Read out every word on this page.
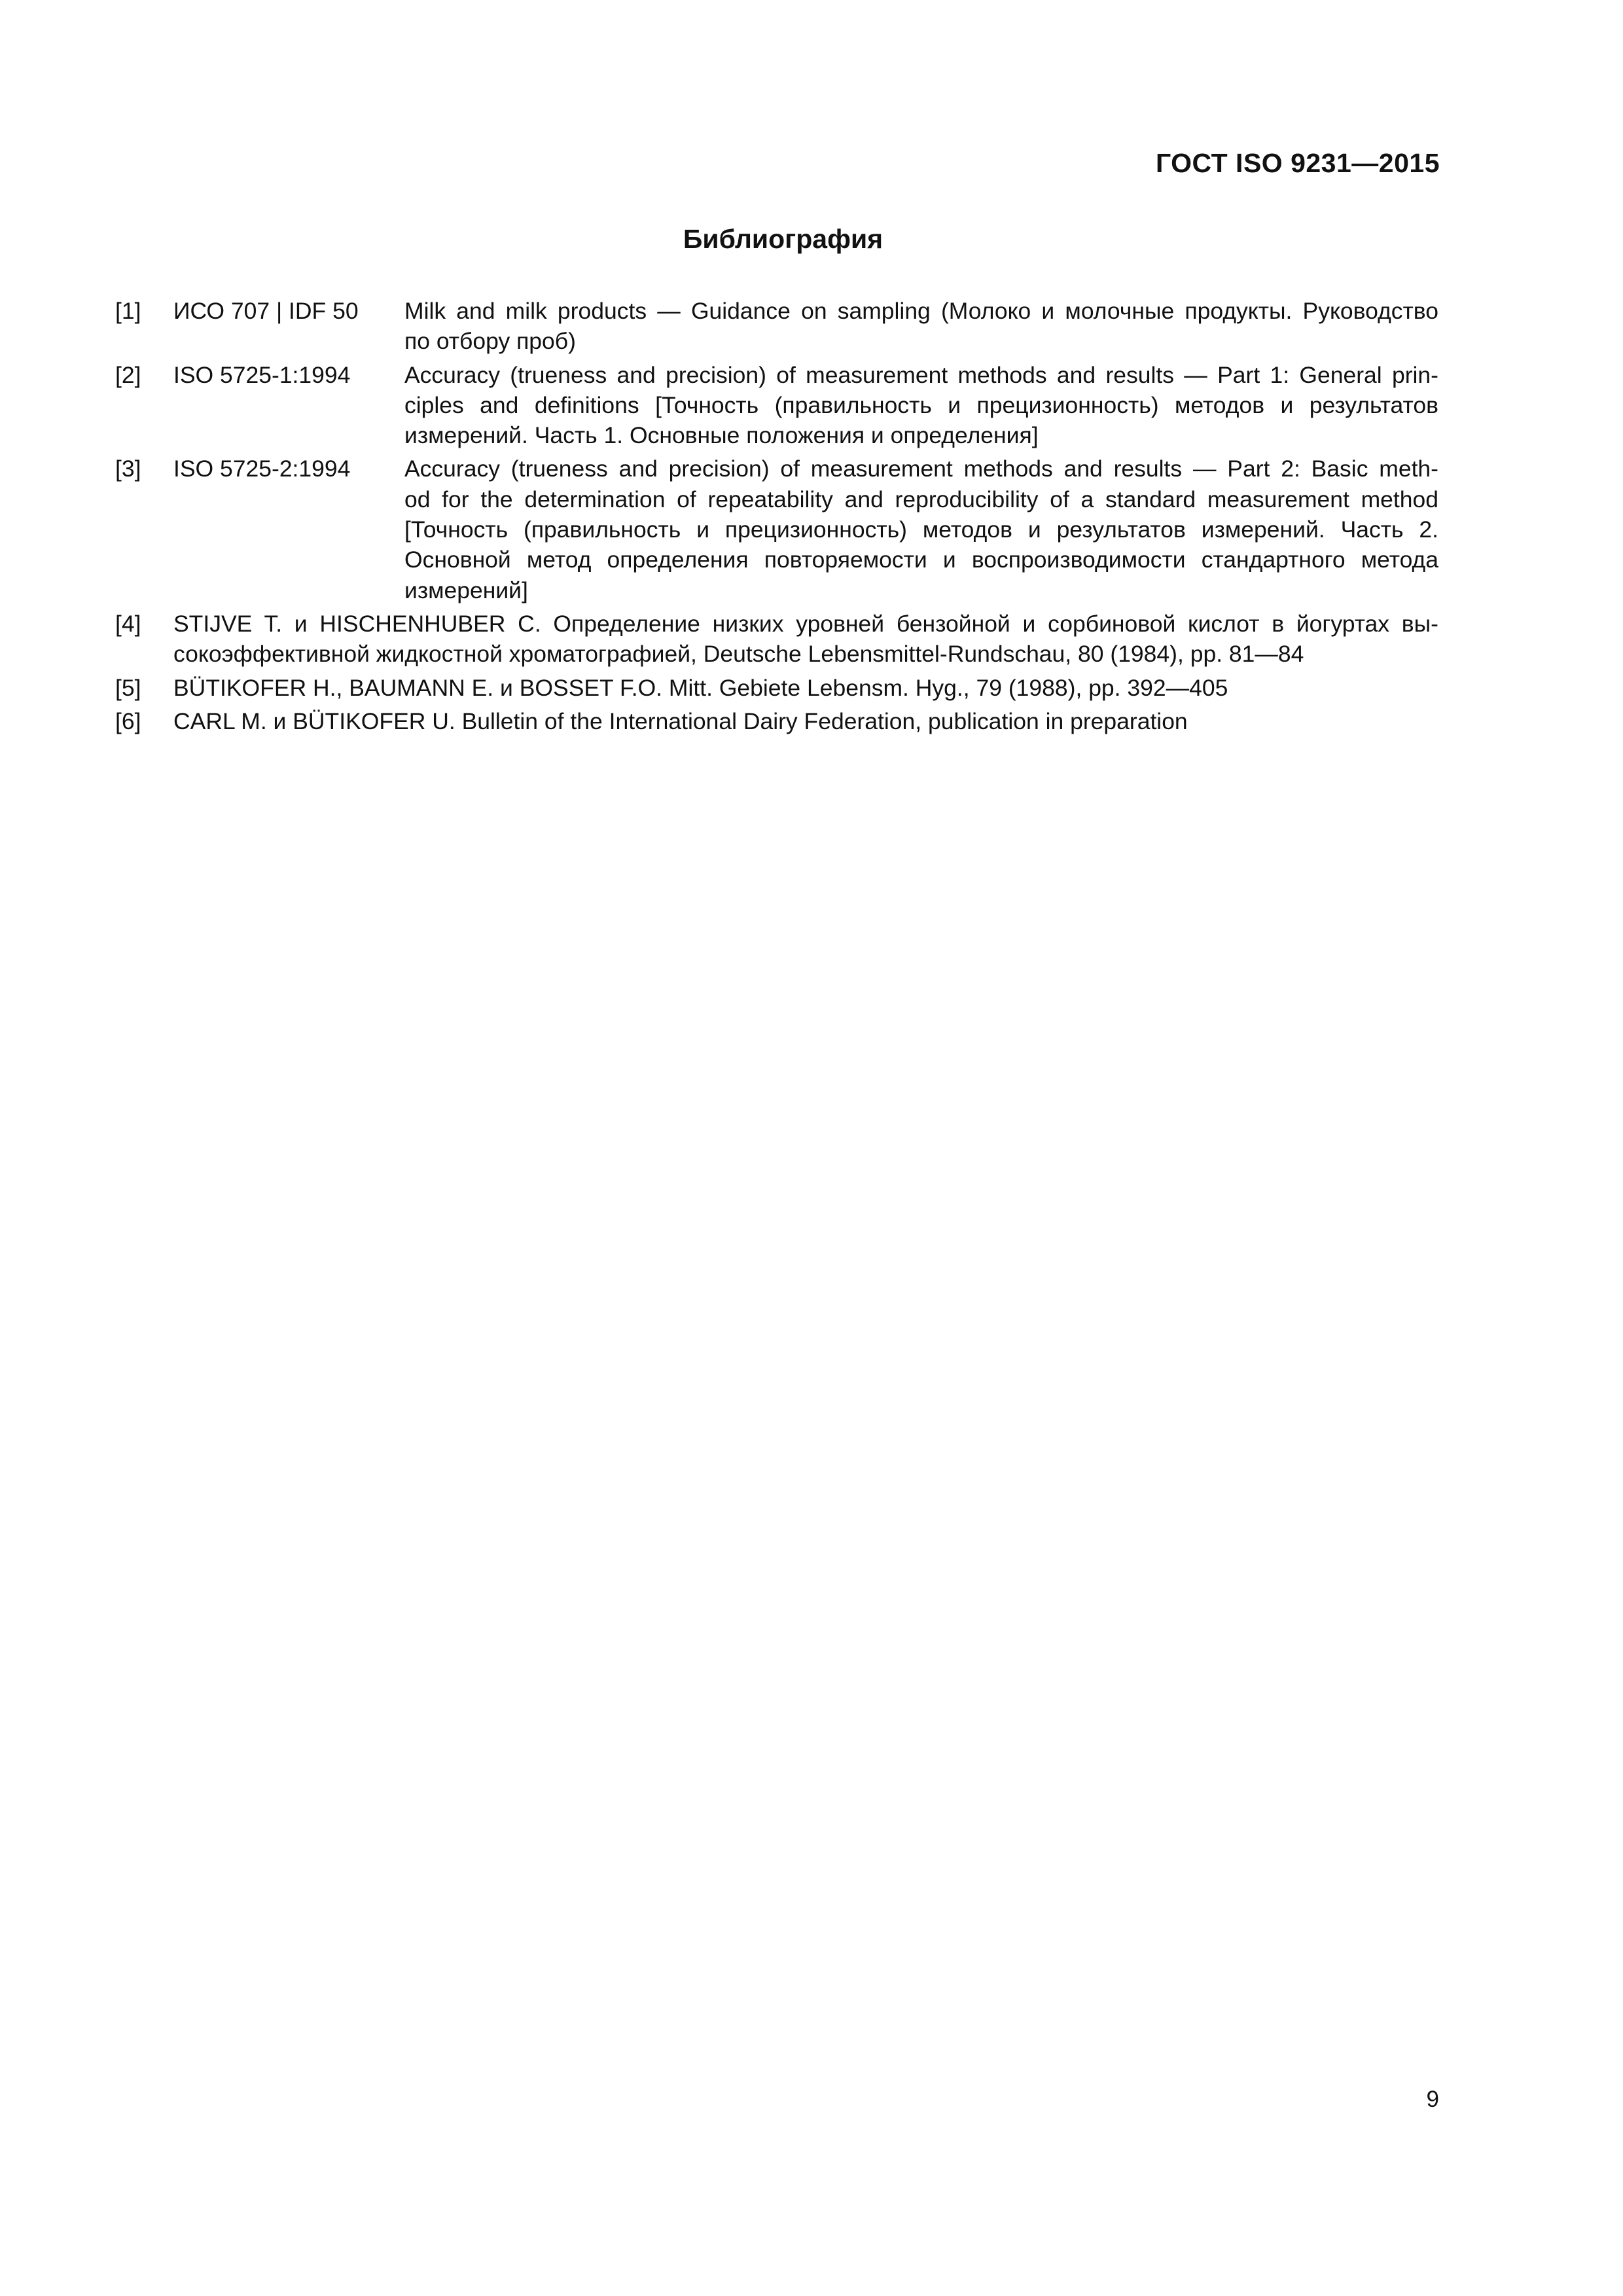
ГОСТ ISO 9231—2015
Библиография
[1]	ИСО 707 | IDF 50	Milk and milk products — Guidance on sampling (Молоко и молочные продукты. Руководство
по отбору проб)
[2]	ISO 5725-1:1994	Accuracy (trueness and precision) of measurement methods and results — Part 1: General prin-
ciples and definitions [Точность (правильность и прецизионность) методов и результатов
измерений. Часть 1. Основные положения и определения]
[3]	ISO 5725-2:1994	Accuracy (trueness and precision) of measurement methods and results — Part 2: Basic meth-
od for the determination of repeatability and reproducibility of a standard measurement method
[Точность (правильность и прецизионность) методов и результатов измерений. Часть 2.
Основной метод определения повторяемости и воспроизводимости стандартного метода
измерений]
[4]	STIJVE T. и HISCHENHUBER C. Определение низких уровней бензойной и сорбиновой кислот в йогуртах вы-
сокоэффективной жидкостной хроматографией, Deutsche Lebensmittel-Rundschau, 80 (1984), pp. 81—84
[5]	BÜTIKOFER H., BAUMANN E. и BOSSET F.O. Mitt. Gebiete Lebensm. Hyg., 79 (1988), pp. 392—405
[6]	CARL M. и BÜTIKOFER U. Bulletin of the International Dairy Federation, publication in preparation
9
